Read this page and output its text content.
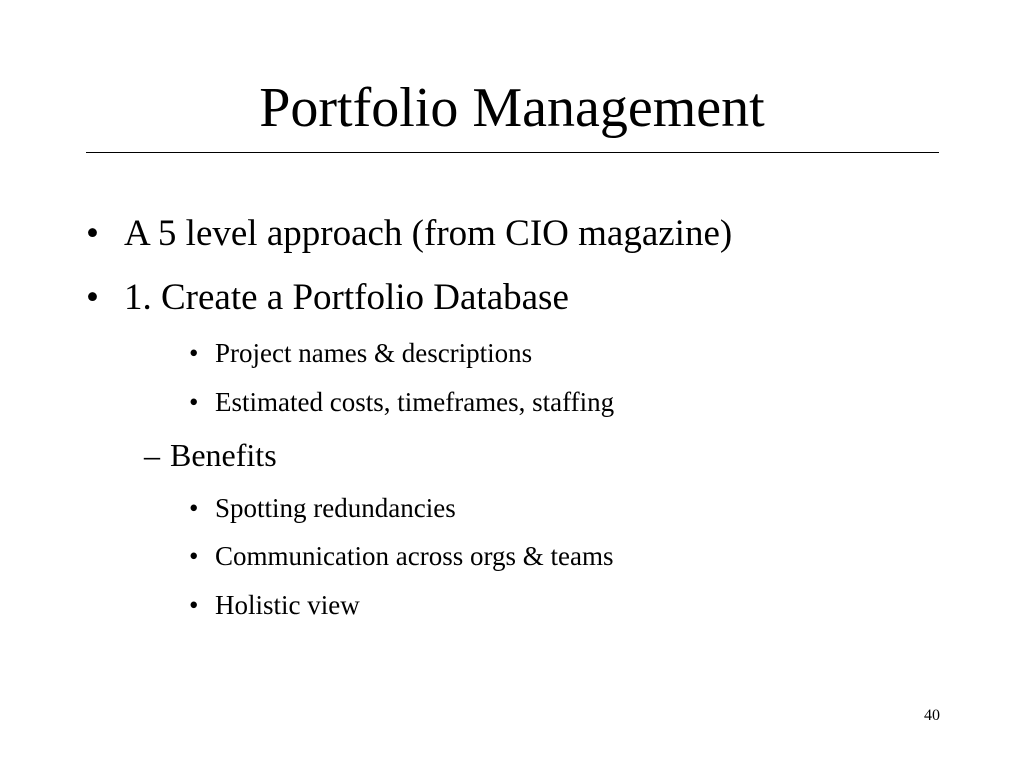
Portfolio Management
• A 5 level approach (from CIO magazine)
• 1. Create a Portfolio Database
• Project names & descriptions
• Estimated costs, timeframes, staffing
– Benefits
• Spotting redundancies
• Communication across orgs & teams
• Holistic view
40
